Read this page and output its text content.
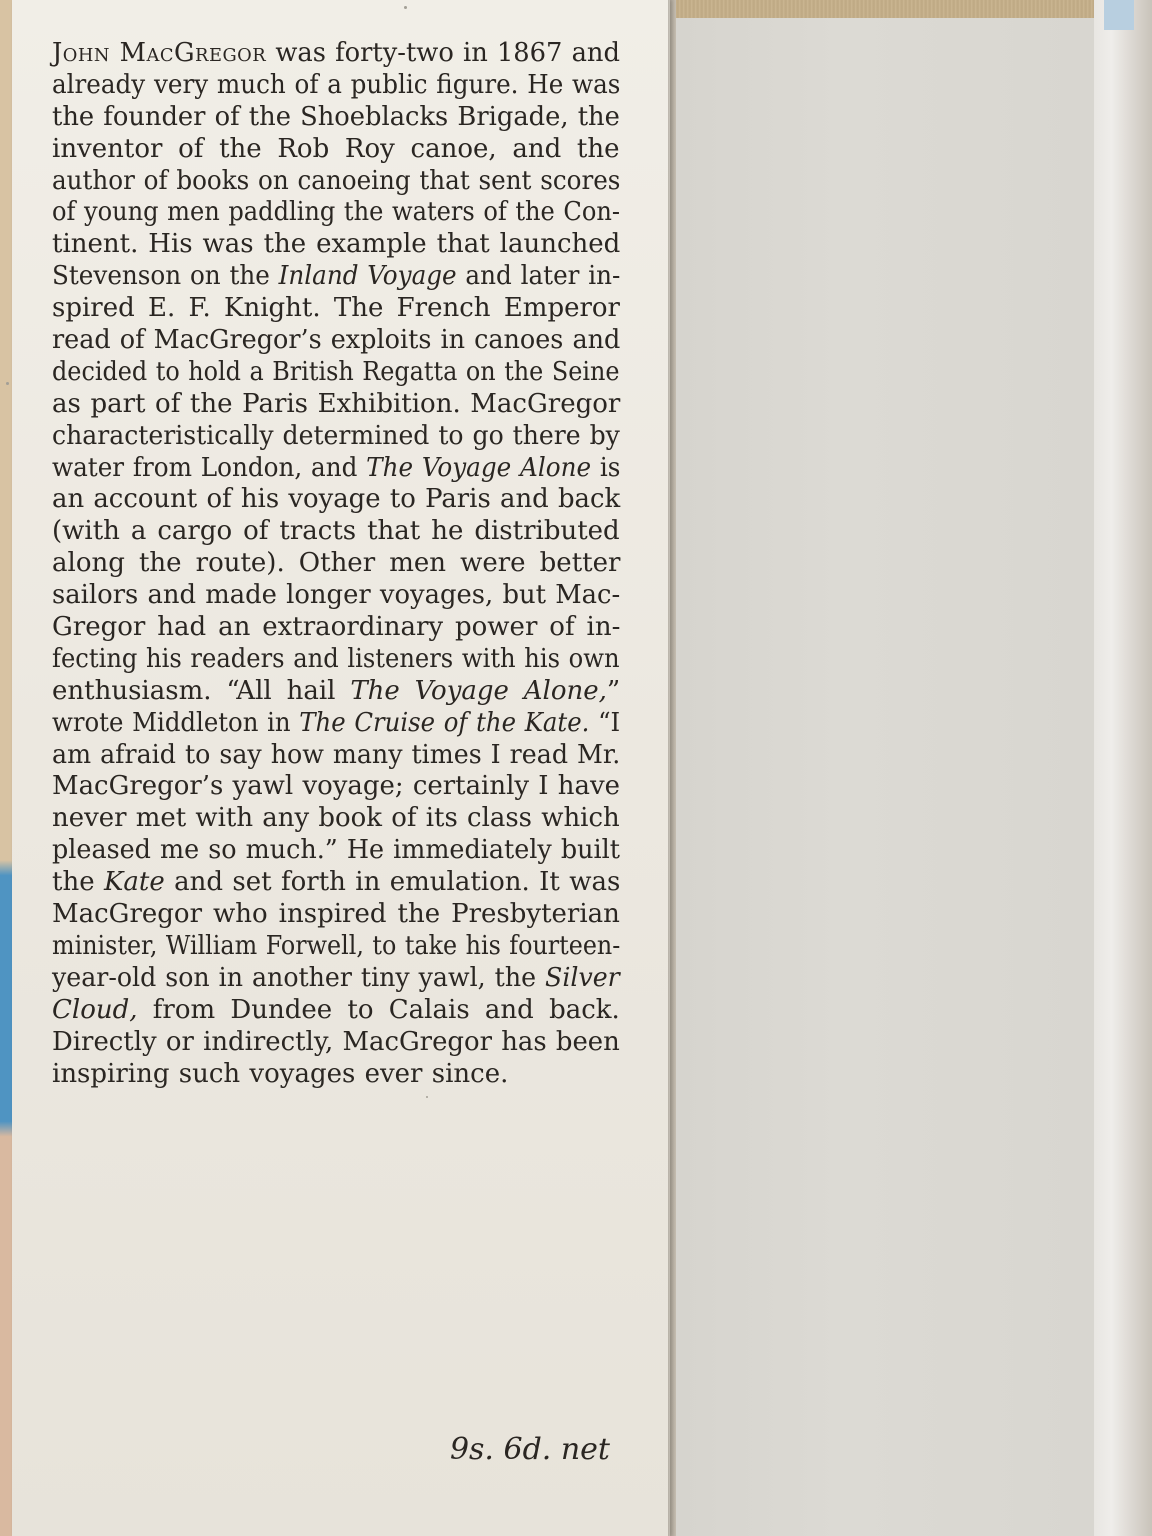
John MacGregor was forty-two in 1867 and
already very much of a public figure. He was
the founder of the Shoeblacks Brigade, the
inventor of the Rob Roy canoe, and the
author of books on canoeing that sent scores
of young men paddling the waters of the Con-
tinent. His was the example that launched
Stevenson on the Inland Voyage and later in-
spired E. F. Knight. The French Emperor
read of MacGregor’s exploits in canoes and
decided to hold a British Regatta on the Seine
as part of the Paris Exhibition. MacGregor
characteristically determined to go there by
water from London, and The Voyage Alone is
an account of his voyage to Paris and back
(with a cargo of tracts that he distributed
along the route). Other men were better
sailors and made longer voyages, but Mac-
Gregor had an extraordinary power of in-
fecting his readers and listeners with his own
enthusiasm. “All hail The Voyage Alone,”
wrote Middleton in The Cruise of the Kate. “I
am afraid to say how many times I read Mr.
MacGregor’s yawl voyage; certainly I have
never met with any book of its class which
pleased me so much.” He immediately built
the Kate and set forth in emulation. It was
MacGregor who inspired the Presbyterian
minister, William Forwell, to take his fourteen-
year-old son in another tiny yawl, the Silver
Cloud, from Dundee to Calais and back.
Directly or indirectly, MacGregor has been
inspiring such voyages ever since.
9s. 6d. net
